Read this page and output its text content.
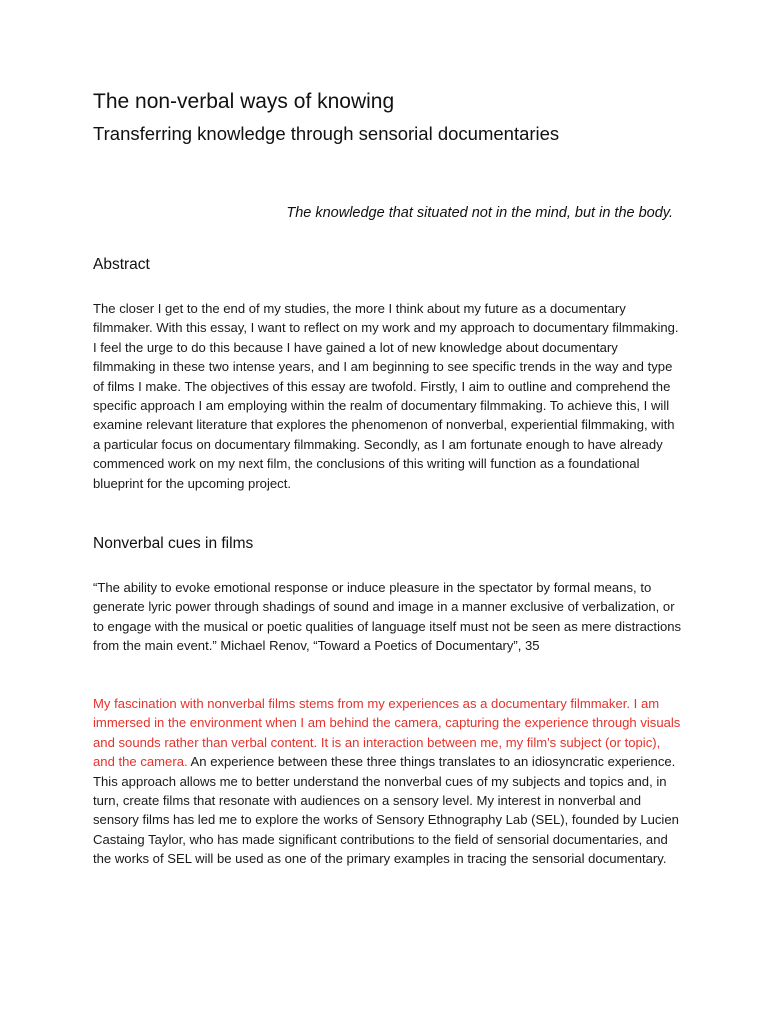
The non-verbal ways of knowing
Transferring knowledge through sensorial documentaries
The knowledge that situated not in the mind, but in the body.
Abstract

The closer I get to the end of my studies, the more I think about my future as a documentary filmmaker. With this essay, I want to reflect on my work and my approach to documentary filmmaking. I feel the urge to do this because I have gained a lot of new knowledge about documentary filmmaking in these two intense years, and I am beginning to see specific trends in the way and type of films I make. The objectives of this essay are twofold. Firstly, I aim to outline and comprehend the specific approach I am employing within the realm of documentary filmmaking. To achieve this, I will examine relevant literature that explores the phenomenon of nonverbal, experiential filmmaking, with a particular focus on documentary filmmaking. Secondly, as I am fortunate enough to have already commenced work on my next film, the conclusions of this writing will function as a foundational blueprint for the upcoming project.

Nonverbal cues in films

“The ability to evoke emotional response or induce pleasure in the spectator by formal means, to generate lyric power through shadings of sound and image in a manner exclusive of verbalization, or to engage with the musical or poetic qualities of language itself must not be seen as mere distractions from the main event.” Michael Renov, “Toward a Poetics of Documentary”, 35

My fascination with nonverbal films stems from my experiences as a documentary filmmaker. I am immersed in the environment when I am behind the camera, capturing the experience through visuals and sounds rather than verbal content. It is an interaction between me, my film's subject (or topic), and the camera. An experience between these three things translates to an idiosyncratic experience. This approach allows me to better understand the nonverbal cues of my subjects and topics and, in turn, create films that resonate with audiences on a sensory level. My interest in nonverbal and sensory films has led me to explore the works of Sensory Ethnography Lab (SEL), founded by Lucien Castaing Taylor, who has made significant contributions to the field of sensorial documentaries, and the works of SEL will be used as one of the primary examples in tracing the sensorial documentary.
